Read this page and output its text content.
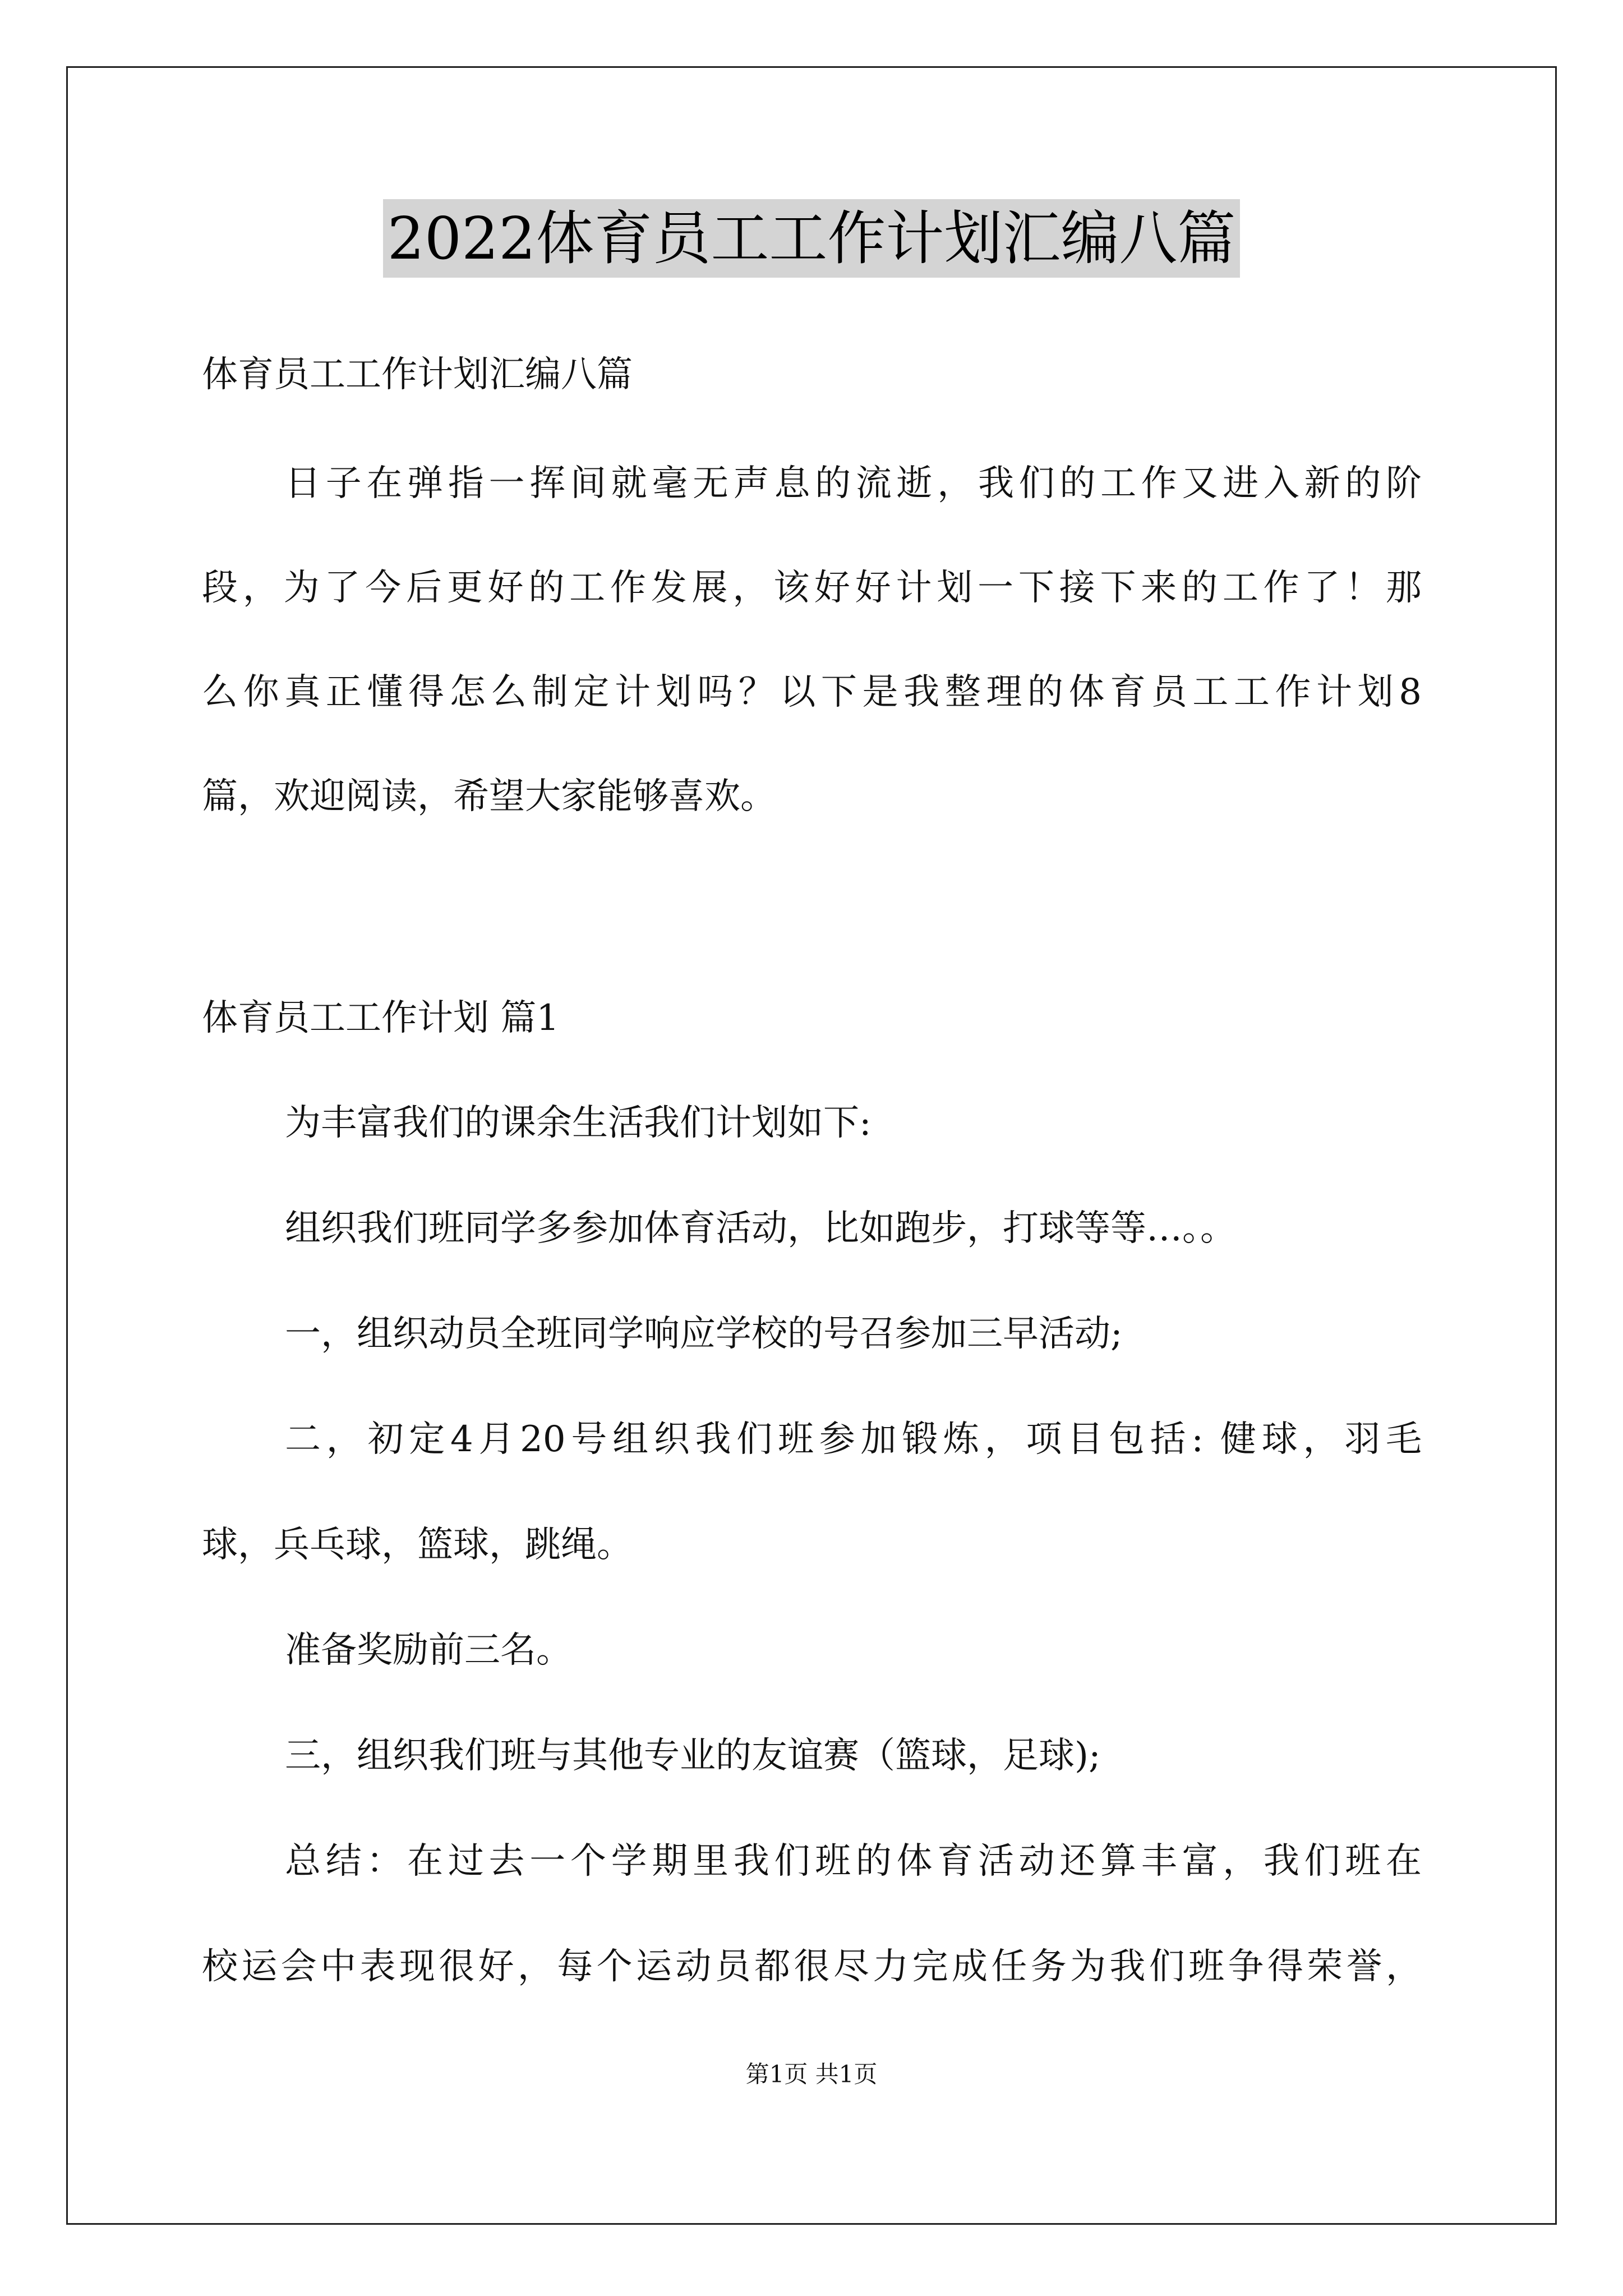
2022体育员工工作计划汇编八篇
体育员工工作计划汇编八篇
日子在弹指一挥间就毫无声息的流逝，我们的工作又进入新的阶
段，为了今后更好的工作发展，该好好计划一下接下来的工作了！那
么你真正懂得怎么制定计划吗？以下是我整理的体育员工工作计划8
篇，欢迎阅读，希望大家能够喜欢。
体育员工工作计划 篇1
为丰富我们的课余生活我们计划如下:
组织我们班同学多参加体育活动，比如跑步，打球等等…。。
一，组织动员全班同学响应学校的号召参加三早活动;
二，初定4月20号组织我们班参加锻炼，项目包括: 健球，羽毛
球，兵乓球，篮球，跳绳。
准备奖励前三名。
三，组织我们班与其他专业的友谊赛（篮球，足球);
总结：在过去一个学期里我们班的体育活动还算丰富，我们班在
校运会中表现很好，每个运动员都很尽力完成任务为我们班争得荣誉，
第1页 共1页
